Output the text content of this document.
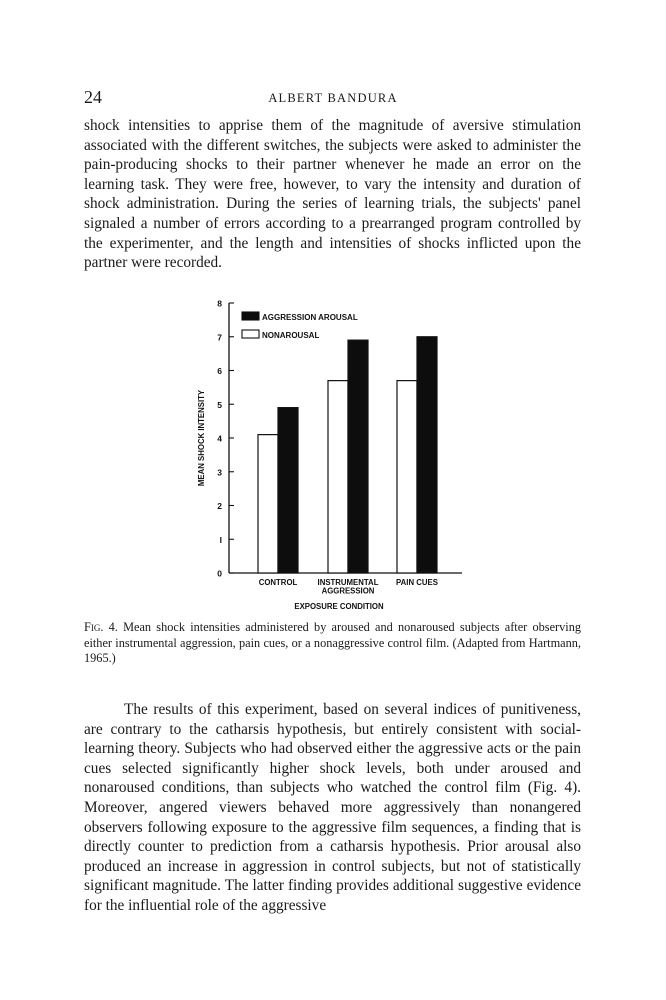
24	ALBERT BANDURA

shock intensities to apprise them of the magnitude of aversive stimulation associated with the different switches, the subjects were asked to administer the pain-producing shocks to their partner whenever he made an error on the learning task. They were free, however, to vary the intensity and duration of shock administration. During the series of learning trials, the subjects' panel signaled a number of errors according to a prearranged program controlled by the experimenter, and the length and intensities of shocks inflicted upon the partner were recorded.

0
I
2
3
4
5
6
7
8
MEAN SHOCK INTENSITY
CONTROL	INSTRUMENTAL
AGGRESSION
PAIN CUES
EXPOSURE CONDITION
AGGRESSION AROUSAL
NONAROUSAL

Fig. 4. Mean shock intensities administered by aroused and nonaroused subjects after observing either instrumental aggression, pain cues, or a nonaggressive control film. (Adapted from Hartmann, 1965.)

The results of this experiment, based on several indices of punitiveness, are contrary to the catharsis hypothesis, but entirely consistent with social-learning theory. Subjects who had observed either the aggressive acts or the pain cues selected significantly higher shock levels, both under aroused and nonaroused conditions, than subjects who watched the control film (Fig. 4). Moreover, angered viewers behaved more aggressively than nonangered observers following exposure to the aggressive film sequences, a finding that is directly counter to prediction from a catharsis hypothesis. Prior arousal also produced an increase in aggression in control subjects, but not of statistically significant magnitude. The latter finding provides additional suggestive evidence for the influential role of the aggressive
